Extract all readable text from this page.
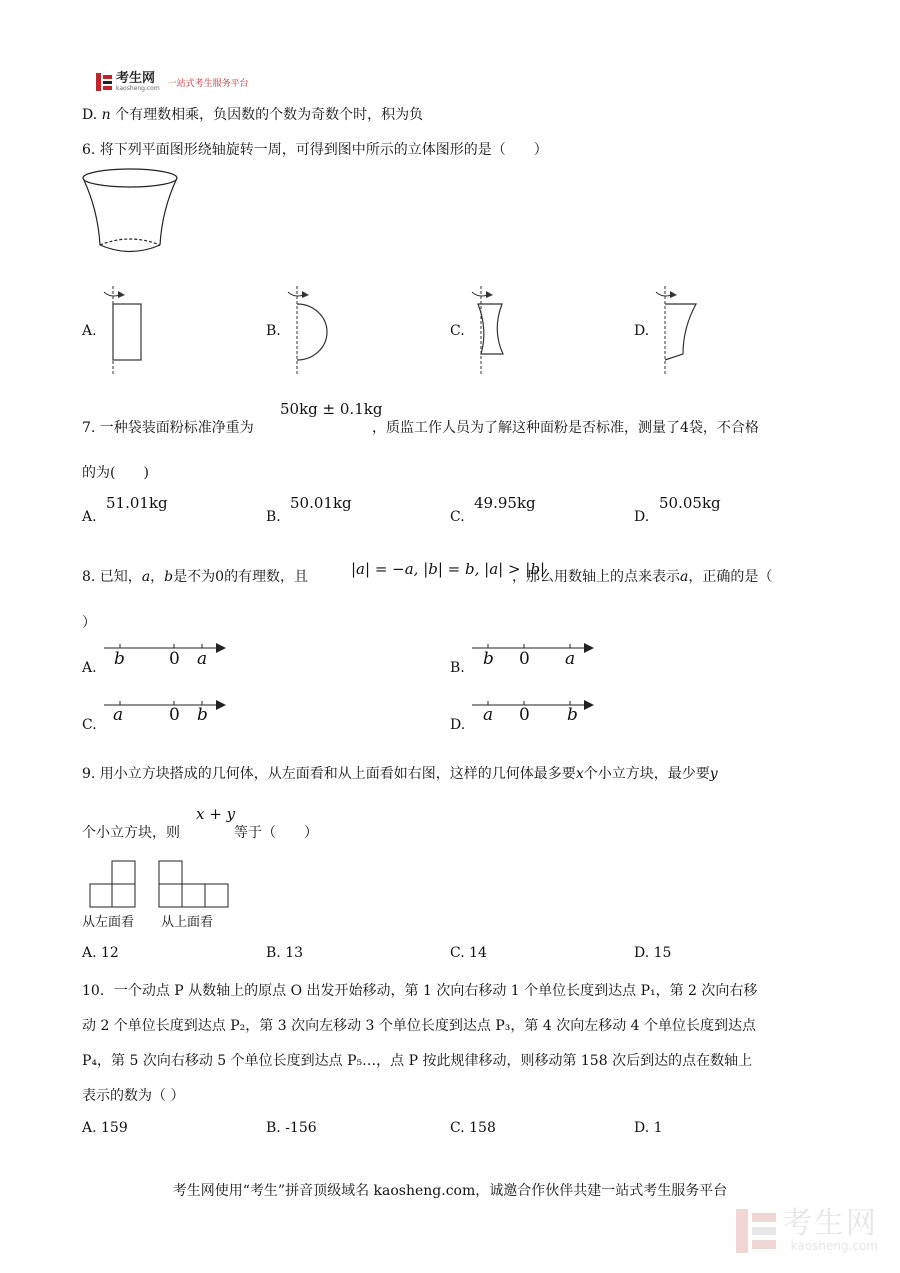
考生网
kaosheng.com 一站式考生服务平台
D. n 个有理数相乘，负因数的个数为奇数个时，积为负
6. 将下列平面图形绕轴旋转一周，可得到图中所示的立体图形的是（　　）
A.	B.	C.	D.
7. 一种袋装面粉标准净重为
50kg ± 0.1kg
，质监工作人员为了解这种面粉是否标准，测量了4袋，不合格
的为(　　)
A.
51.01kg
B.
50.01kg
C.
49.95kg
D.
50.05kg
8. 已知，a，b是不为0的有理数，且	|a| = −a, |b| = b, |a| > |b|
，那么用数轴上的点来表示a，正确的是（
）
A. b	0 a	B. b 0 a
C. a	0 b	D. a 0 b
9. 用小立方块搭成的几何体，从左面看和从上面看如右图，这样的几何体最多要x个小立方块，最少要y
个小立方块，则
x + y
等于（　　）
从左面看 从上面看
A. 12	B. 13	C. 14	D. 15
10．一个动点 P 从数轴上的原点 O 出发开始移动，第 1 次向右移动 1 个单位长度到达点 P₁，第 2 次向右移
动 2 个单位长度到达点 P₂，第 3 次向左移动 3 个单位长度到达点 P₃，第 4 次向左移动 4 个单位长度到达点
P₄，第 5 次向右移动 5 个单位长度到达点 P₅…，点 P 按此规律移动，则移动第 158 次后到达的点在数轴上
表示的数为（ ）
A. 159	B. -156	C. 158	D. 1
考生网使用“考生”拼音顶级域名 kaosheng.com，诚邀合作伙伴共建一站式考生服务平台
考生网
kaosheng.com
